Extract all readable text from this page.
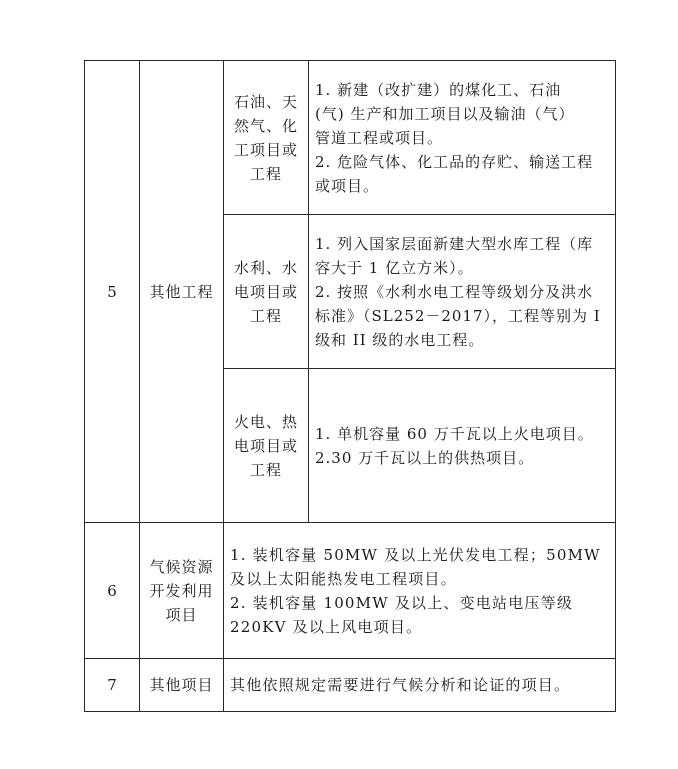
5	其他工程	石油、天
然气、化
工项目或
工程	1. 新建（改扩建）的煤化工、石油
(气) 生产和加工项目以及输油（气）
管道工程或项目。
2. 危险气体、化工品的存贮、输送工程
或项目。

		水利、水
电项目或
工程	1. 列入国家层面新建大型水库工程（库
容大于 1 亿立方米）。
2. 按照《水利水电工程等级划分及洪水
标准》（SL252－2017），工程等别为 I
级和 II 级的水电工程。

		火电、热
电项目或
工程	1. 单机容量 60 万千瓦以上火电项目。
2.30 万千瓦以上的供热项目。

6	气候资源
开发利用
项目	1. 装机容量 50MW 及以上光伏发电工程；50MW
及以上太阳能热发电工程项目。
2. 装机容量 100MW 及以上、变电站电压等级
220KV 及以上风电项目。	

7	其他项目	其他依照规定需要进行气候分析和论证的项目。	
